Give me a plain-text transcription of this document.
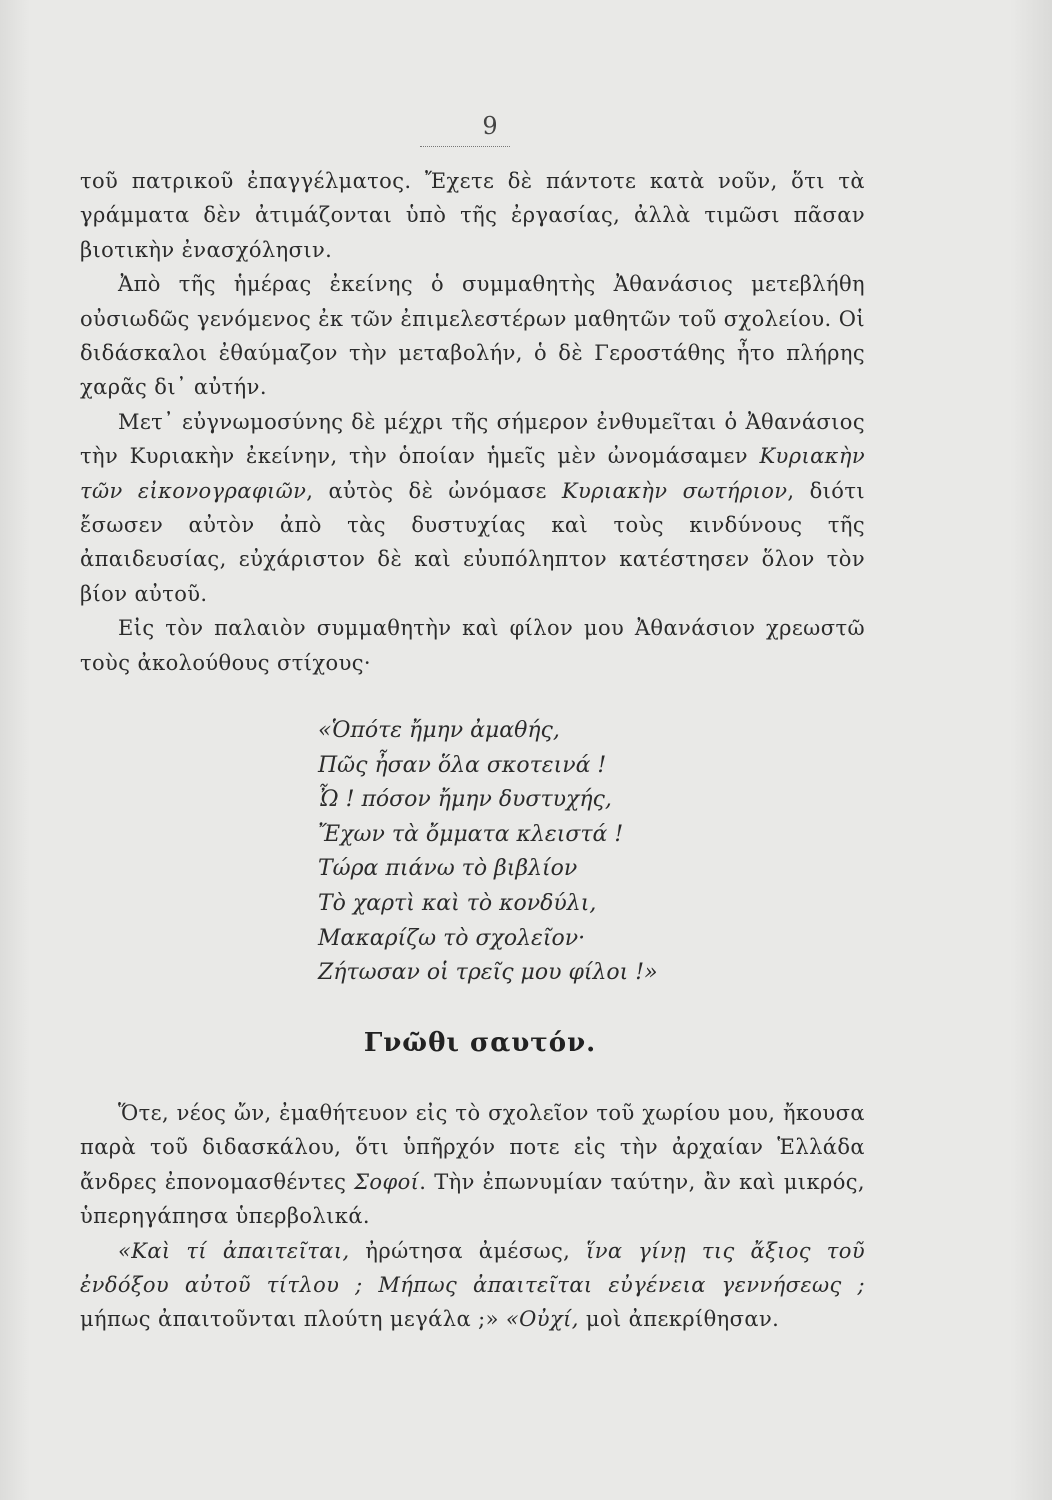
9

τοῦ πατρικοῦ ἐπαγγέλματος. Ἔχετε δὲ πάντοτε κατὰ νοῦν, ὅτι τὰ γράμματα δὲν ἀτιμάζονται ὑπὸ τῆς ἐργασίας, ἀλλὰ τιμῶσι πᾶσαν βιοτικὴν ἐνασχόλησιν.

Ἀπὸ τῆς ἡμέρας ἐκείνης ὁ συμμαθητὴς Ἀθανάσιος μετεβλήθη οὐσιωδῶς γενόμενος ἐκ τῶν ἐπιμελεστέρων μαθητῶν τοῦ σχολείου. Οἱ διδάσκαλοι ἐθαύμαζον τὴν μεταβολήν, ὁ δὲ Γεροστάθης ἦτο πλήρης χαρᾶς δι᾽ αὐτήν.

Μετ᾽ εὐγνωμοσύνης δὲ μέχρι τῆς σήμερον ἐνθυμεῖται ὁ Ἀθανάσιος τὴν Κυριακὴν ἐκείνην, τὴν ὁποίαν ἡμεῖς μὲν ὠνομάσαμεν Κυριακὴν τῶν εἰκονογραφιῶν, αὐτὸς δὲ ὠνόμασε Κυριακὴν σωτήριον, διότι ἔσωσεν αὐτὸν ἀπὸ τὰς δυστυχίας καὶ τοὺς κινδύνους τῆς ἀπαιδευσίας, εὐχάριστον δὲ καὶ εὐυπόληπτον κατέστησεν ὅλον τὸν βίον αὐτοῦ.

Εἰς τὸν παλαιὸν συμμαθητὴν καὶ φίλον μου Ἀθανάσιον χρεωστῶ τοὺς ἀκολούθους στίχους·

«Ὁπότε ἤμην ἀμαθής,
Πῶς ἦσαν ὅλα σκοτεινά !
Ὦ ! πόσον ἤμην δυστυχής,
Ἔχων τὰ ὄμματα κλειστά !
Τώρα πιάνω τὸ βιβλίον
Τὸ χαρτὶ καὶ τὸ κονδύλι,
Μακαρίζω τὸ σχολεῖον·
Ζήτωσαν οἱ τρεῖς μου φίλοι !»
Γνῶθι σαυτόν.

Ὅτε, νέος ὤν, ἐμαθήτευον εἰς τὸ σχολεῖον τοῦ χωρίου μου, ἤκουσα παρὰ τοῦ διδασκάλου, ὅτι ὑπῆρχόν ποτε εἰς τὴν ἀρχαίαν Ἑλλάδα ἄνδρες ἐπονομασθέντες Σοφοί. Τὴν ἐπωνυμίαν ταύτην, ἂν καὶ μικρός, ὑπερηγάπησα ὑπερβολικά.

«Καὶ τί ἀπαιτεῖται, ἠρώτησα ἀμέσως, ἵνα γίνῃ τις ἄξιος τοῦ ἐνδόξου αὐτοῦ τίτλου ; Μήπως ἀπαιτεῖται εὐγένεια γεννήσεως ; μήπως ἀπαιτοῦνται πλούτη μεγάλα ;» «Οὐχί, μοὶ ἀπεκρίθησαν.
